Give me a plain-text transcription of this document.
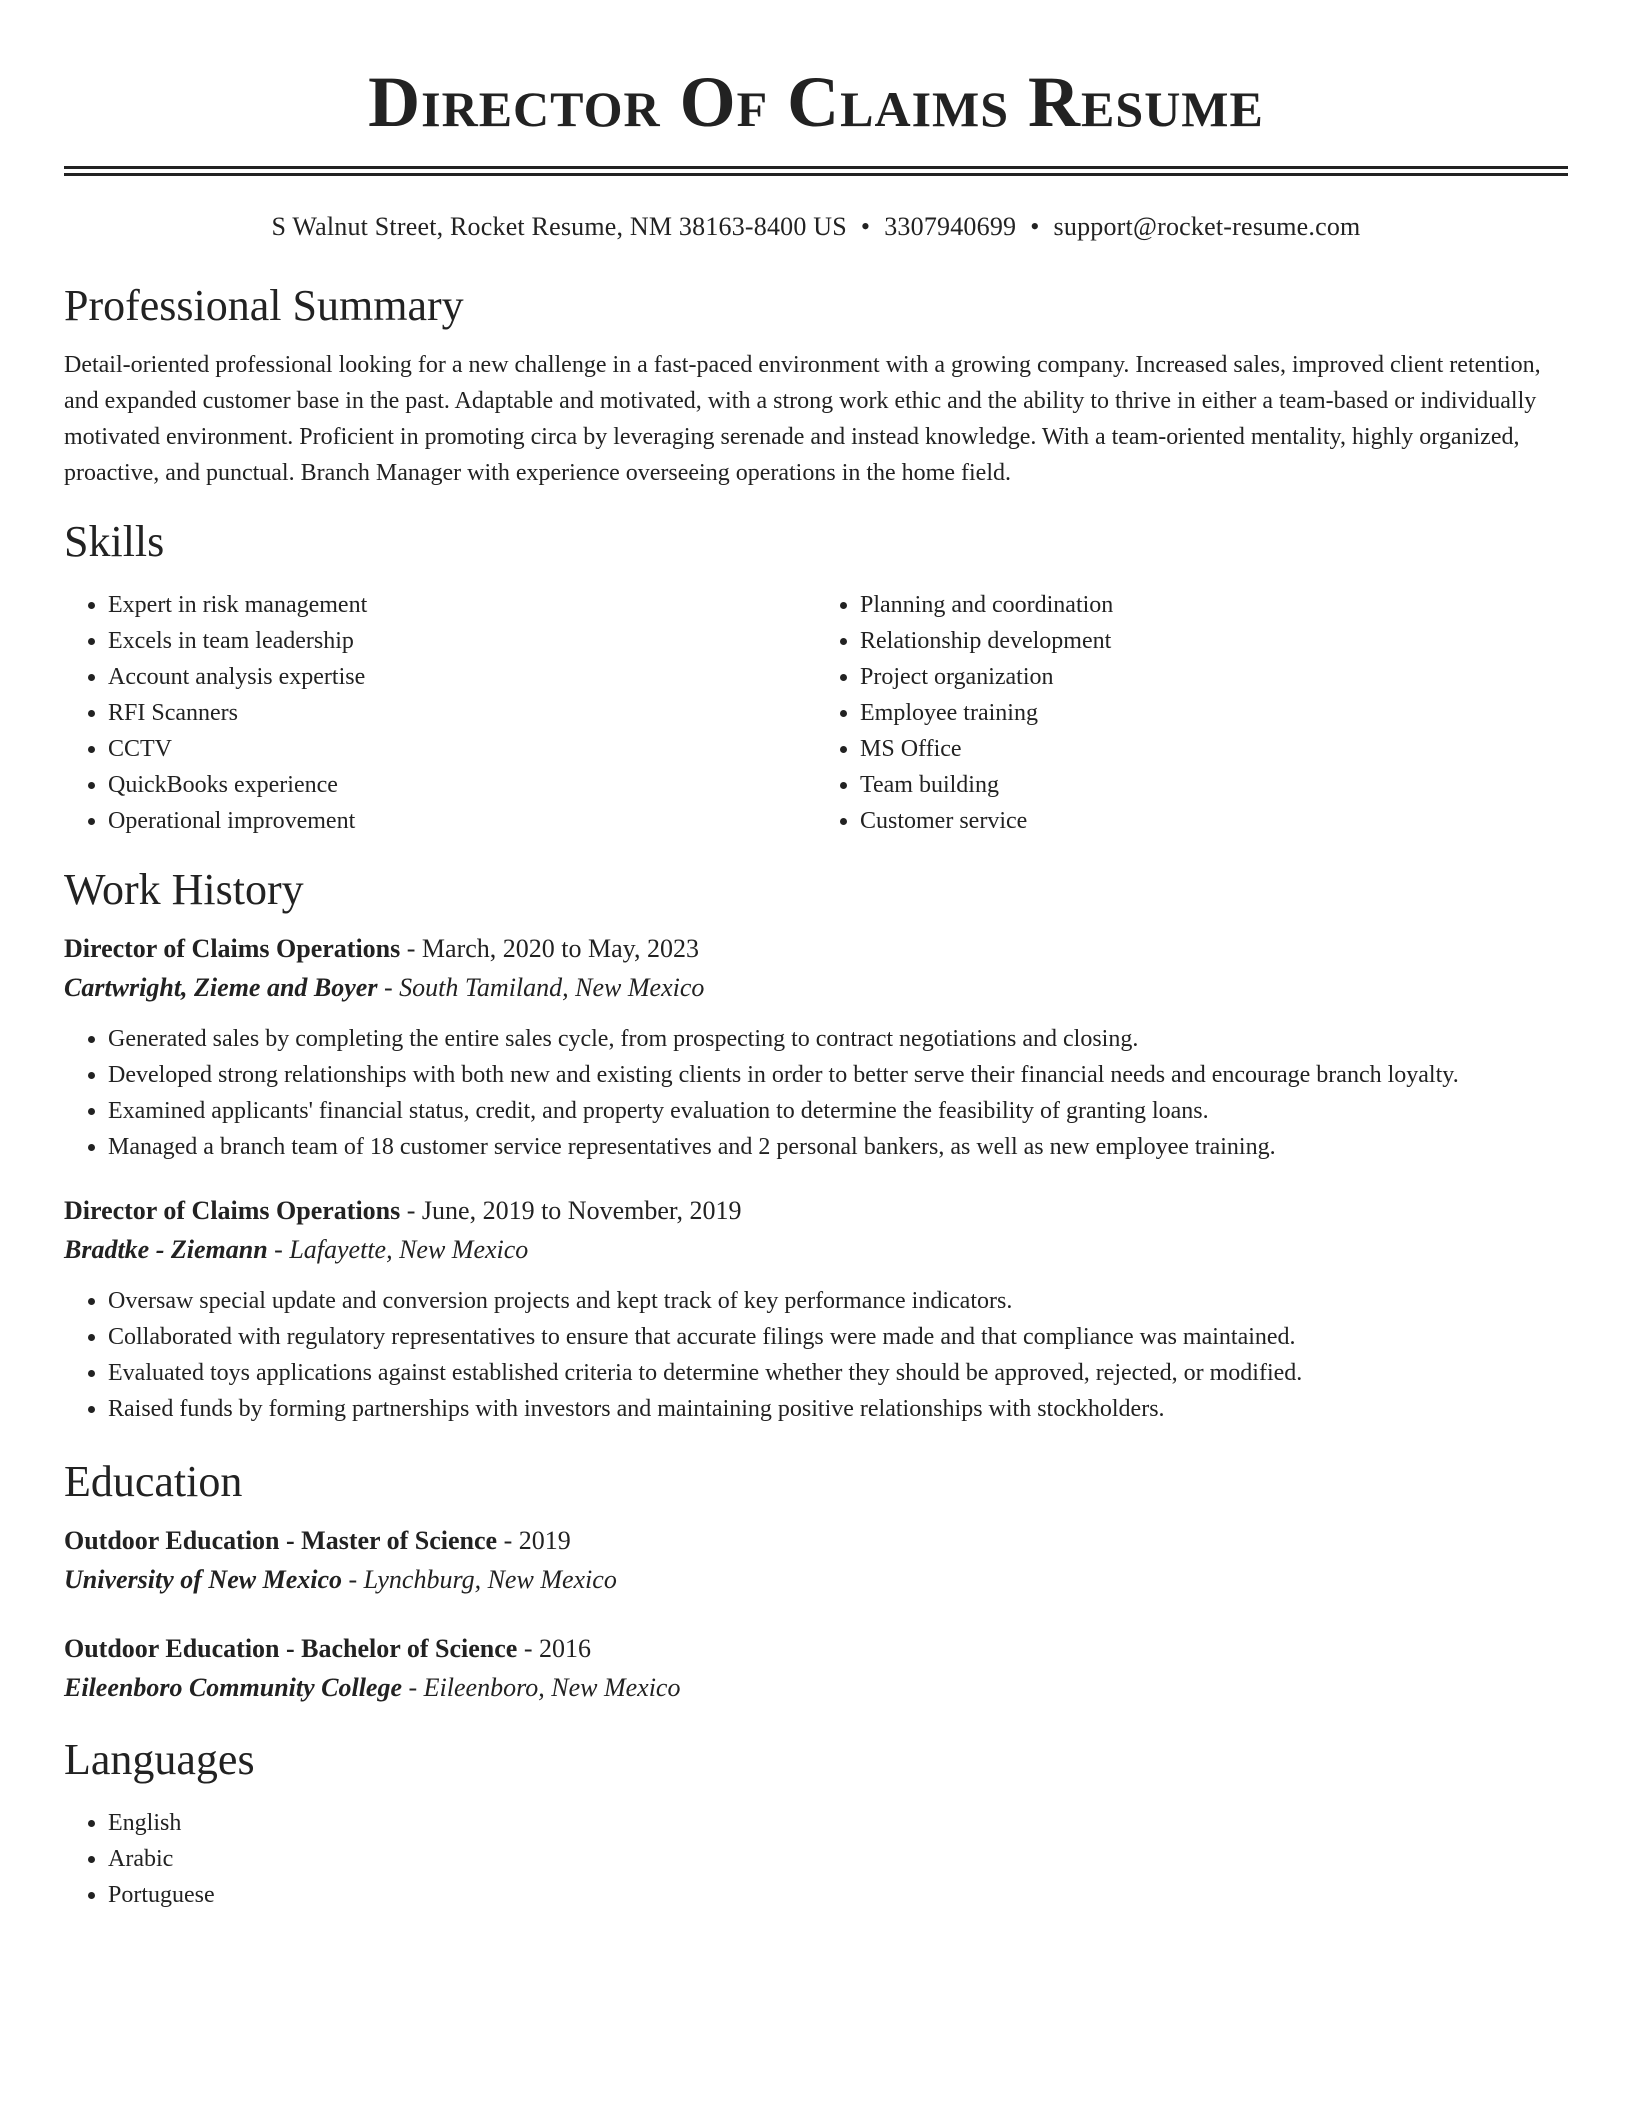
Director Of Claims Resume
S Walnut Street, Rocket Resume, NM 38163-8400 US • 3307940699 • support@rocket-resume.com
Professional Summary

Detail-oriented professional looking for a new challenge in a fast-paced environment with a growing company. Increased sales, improved client retention, and expanded customer base in the past. Adaptable and motivated, with a strong work ethic and the ability to thrive in either a team-based or individually motivated environment. Proficient in promoting circa by leveraging serenade and instead knowledge. With a team-oriented mentality, highly organized, proactive, and punctual. Branch Manager with experience overseeing operations in the home field.

Skills
• Expert in risk management
• Excels in team leadership
• Account analysis expertise
• RFI Scanners
• CCTV
• QuickBooks experience
• Operational improvement
• Planning and coordination
• Relationship development
• Project organization
• Employee training
• MS Office
• Team building
• Customer service
Work History
Director of Claims Operations - March, 2020 to May, 2023
Cartwright, Zieme and Boyer - South Tamiland, New Mexico
• Generated sales by completing the entire sales cycle, from prospecting to contract negotiations and closing.
• Developed strong relationships with both new and existing clients in order to better serve their financial needs and encourage branch loyalty.
• Examined applicants' financial status, credit, and property evaluation to determine the feasibility of granting loans.
• Managed a branch team of 18 customer service representatives and 2 personal bankers, as well as new employee training.
Director of Claims Operations - June, 2019 to November, 2019
Bradtke - Ziemann - Lafayette, New Mexico
• Oversaw special update and conversion projects and kept track of key performance indicators.
• Collaborated with regulatory representatives to ensure that accurate filings were made and that compliance was maintained.
• Evaluated toys applications against established criteria to determine whether they should be approved, rejected, or modified.
• Raised funds by forming partnerships with investors and maintaining positive relationships with stockholders.
Education
Outdoor Education - Master of Science - 2019
University of New Mexico - Lynchburg, New Mexico
Outdoor Education - Bachelor of Science - 2016
Eileenboro Community College - Eileenboro, New Mexico
Languages
• English
• Arabic
• Portuguese
